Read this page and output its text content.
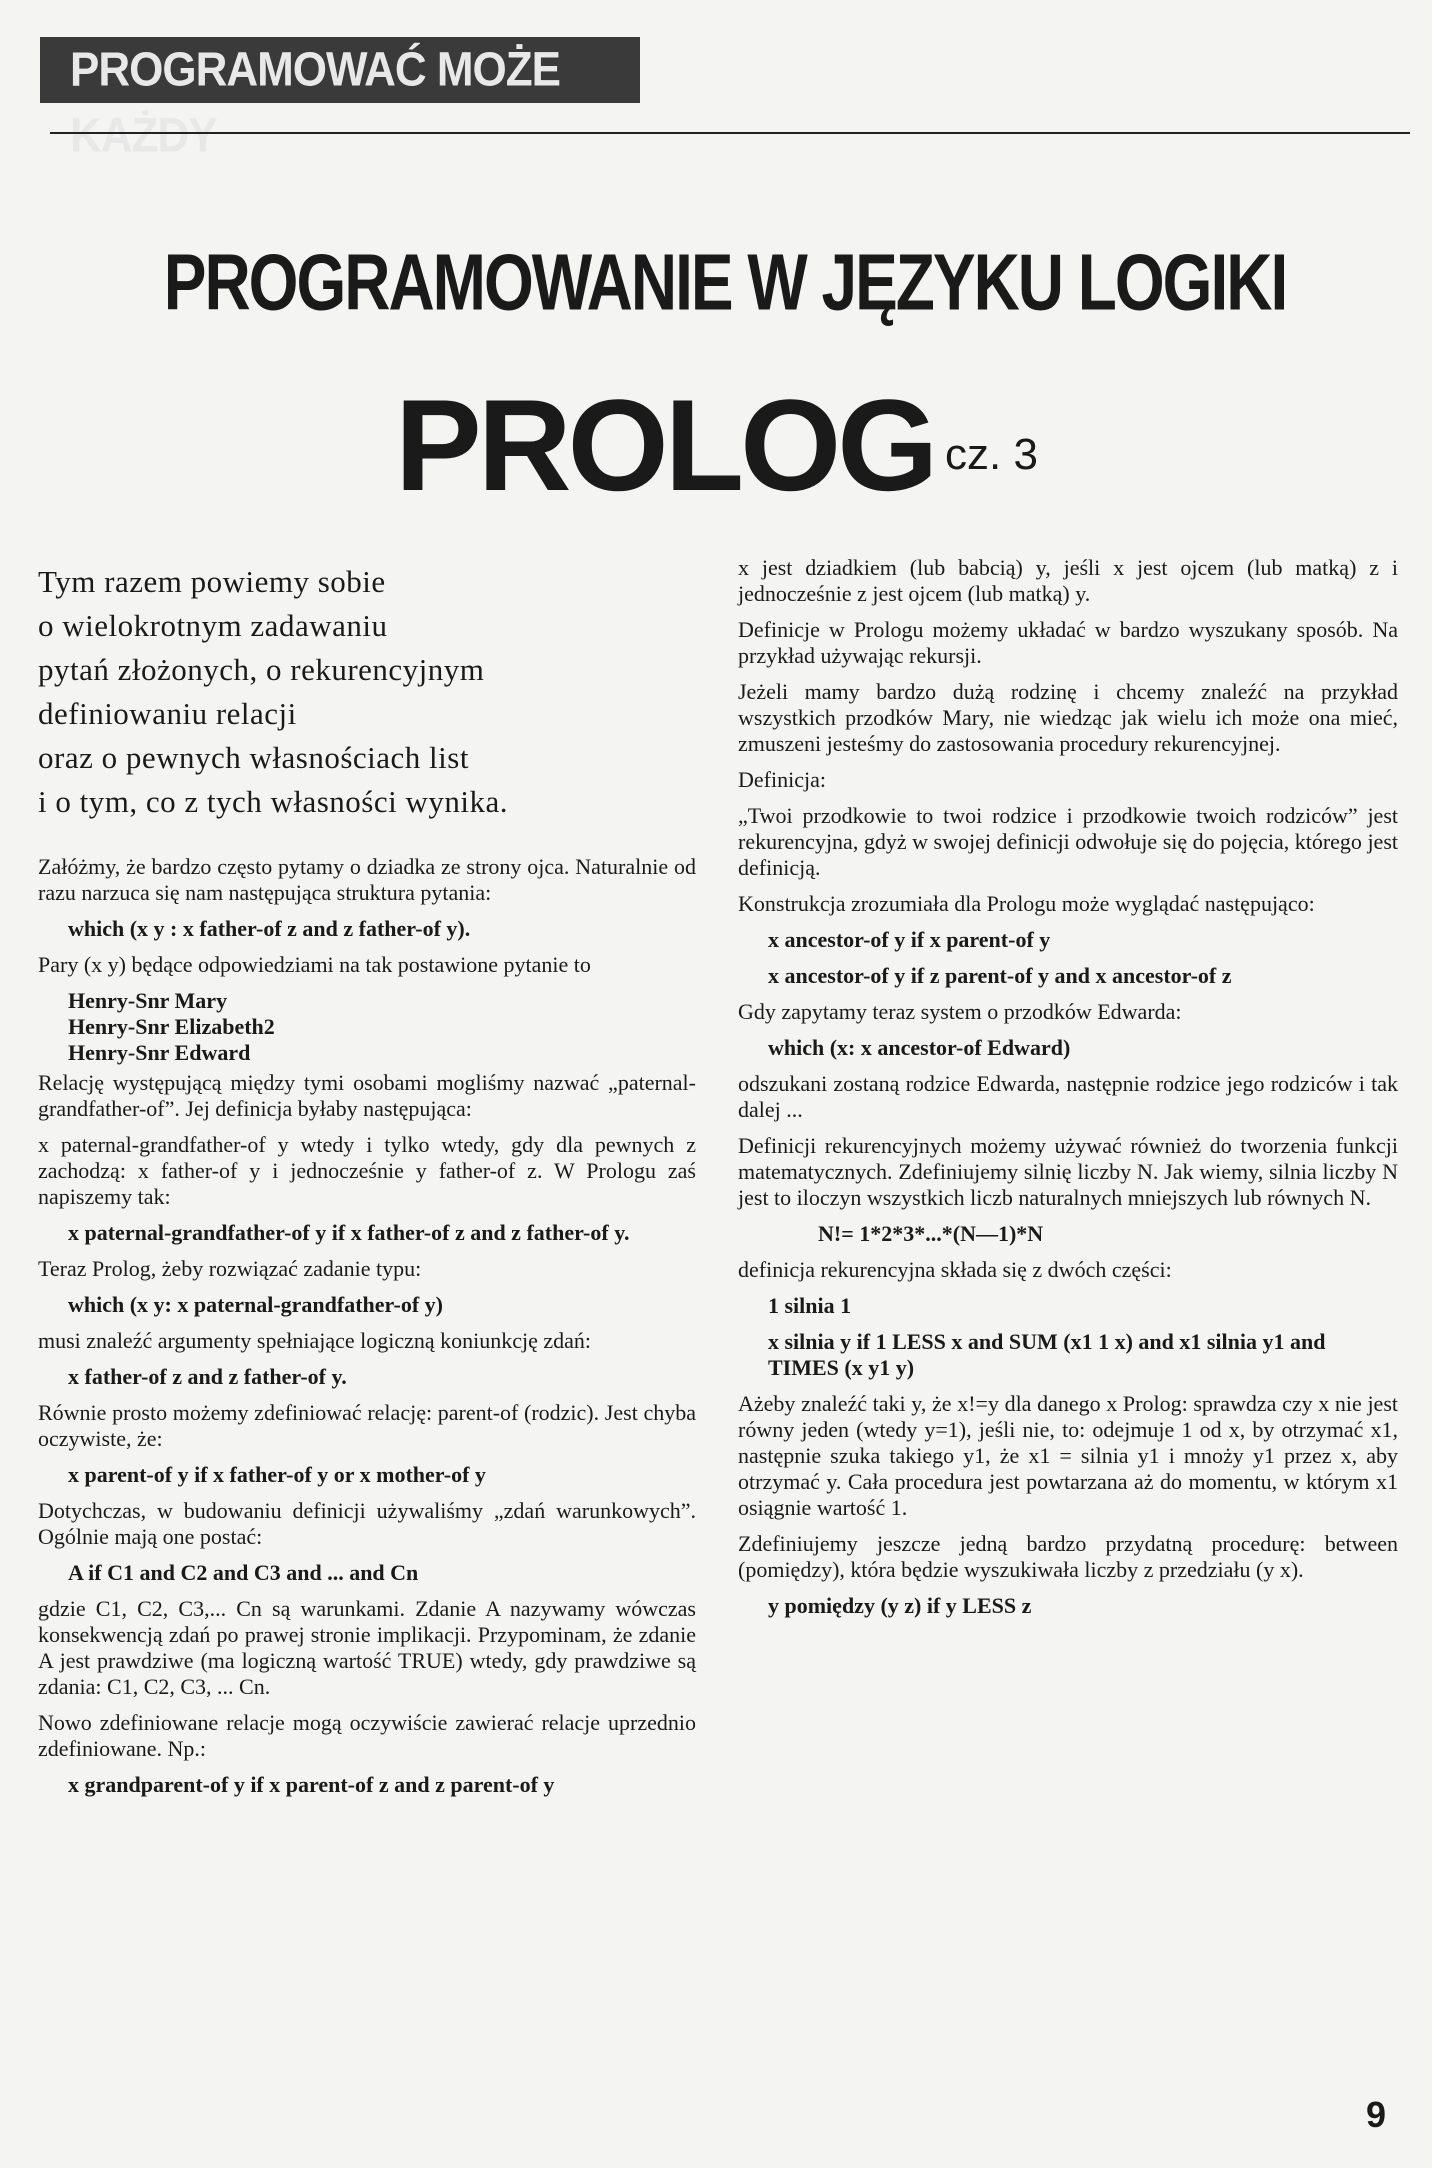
PROGRAMOWAĆ MOŻE KAŻDY
PROGRAMOWANIE W JĘZYKU LOGIKI
PROLOG cz. 3

Tym razem powiemy sobie

o wielokrotnym zadawaniu

pytań złożonych, o rekurencyjnym

definiowaniu relacji

oraz o pewnych własnościach list

i o tym, co z tych własności wynika.

Załóżmy, że bardzo często pytamy o dziadka ze strony ojca. Naturalnie od razu narzuca się nam następująca struktura pytania:

which (x y : x father-of z and z father-of y).

Pary (x y) będące odpowiedziami na tak postawione pytanie to

Henry-Snr Mary

Henry-Snr Elizabeth2

Henry-Snr Edward

Relację występującą między tymi osobami mogliśmy nazwać „paternal-grandfather-of”. Jej definicja byłaby następująca:

x paternal-grandfather-of y wtedy i tylko wtedy, gdy dla pewnych z zachodzą: x father-of y i jednocześnie y father-of z. W Prologu zaś napiszemy tak:

x paternal-grandfather-of y if x father-of z and z father-of y.

Teraz Prolog, żeby rozwiązać zadanie typu:

which (x y: x paternal-grandfather-of y)

musi znaleźć argumenty spełniające logiczną koniunkcję zdań:

x father-of z and z father-of y.

Równie prosto możemy zdefiniować relację: parent-of (rodzic). Jest chyba oczywiste, że:

x parent-of y if x father-of y or x mother-of y

Dotychczas, w budowaniu definicji używaliśmy „zdań warunkowych”. Ogólnie mają one postać:

A if C1 and C2 and C3 and ... and Cn

gdzie C1, C2, C3,... Cn są warunkami. Zdanie A nazywamy wówczas konsekwencją zdań po prawej stronie implikacji. Przypominam, że zdanie A jest prawdziwe (ma logiczną wartość TRUE) wtedy, gdy prawdziwe są zdania: C1, C2, C3, ... Cn.

Nowo zdefiniowane relacje mogą oczywiście zawierać relacje uprzednio zdefiniowane. Np.:

x grandparent-of y if x parent-of z and z parent-of y

x jest dziadkiem (lub babcią) y, jeśli x jest ojcem (lub matką) z i jednocześnie z jest ojcem (lub matką) y.

Definicje w Prologu możemy układać w bardzo wyszukany sposób. Na przykład używając rekursji.

Jeżeli mamy bardzo dużą rodzinę i chcemy znaleźć na przykład wszystkich przodków Mary, nie wiedząc jak wielu ich może ona mieć, zmuszeni jesteśmy do zastosowania procedury rekurencyjnej.

Definicja:

„Twoi przodkowie to twoi rodzice i przodkowie twoich rodziców” jest rekurencyjna, gdyż w swojej definicji odwołuje się do pojęcia, którego jest definicją.

Konstrukcja zrozumiała dla Prologu może wyglądać następująco:

x ancestor-of y if x parent-of y

x ancestor-of y if z parent-of y and x ancestor-of z

Gdy zapytamy teraz system o przodków Edwarda:

which (x: x ancestor-of Edward)

odszukani zostaną rodzice Edwarda, następnie rodzice jego rodziców i tak dalej ...

Definicji rekurencyjnych możemy używać również do tworzenia funkcji matematycznych. Zdefiniujemy silnię liczby N. Jak wiemy, silnia liczby N jest to iloczyn wszystkich liczb naturalnych mniejszych lub równych N.

N!= 1*2*3*...*(N—1)*N

definicja rekurencyjna składa się z dwóch części:

1 silnia 1

x silnia y if 1 LESS x and SUM (x1 1 x) and x1 silnia y1 and TIMES (x y1 y)

Ażeby znaleźć taki y, że x!=y dla danego x Prolog: sprawdza czy x nie jest równy jeden (wtedy y=1), jeśli nie, to: odejmuje 1 od x, by otrzymać x1, następnie szuka takiego y1, że x1 = silnia y1 i mnoży y1 przez x, aby otrzymać y. Cała procedura jest powtarzana aż do momentu, w którym x1 osiągnie wartość 1.

Zdefiniujemy jeszcze jedną bardzo przydatną procedurę: between (pomiędzy), która będzie wyszukiwała liczby z przedziału (y x).

y pomiędzy (y z) if y LESS z

9
